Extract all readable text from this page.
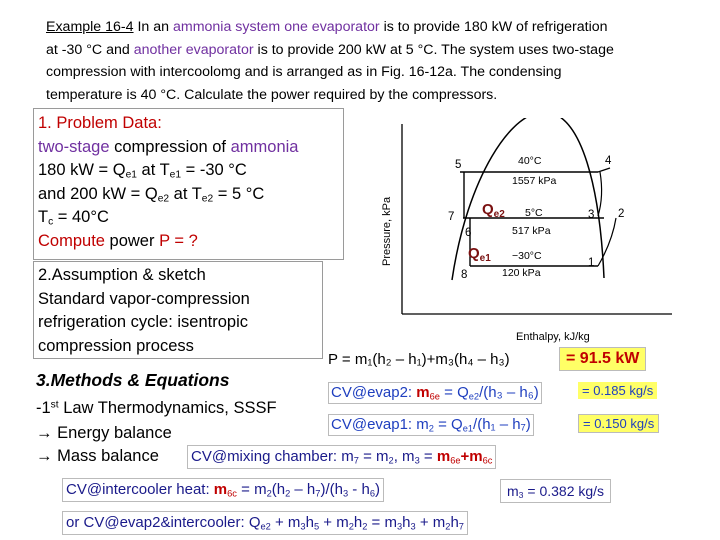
Example 16-4 In an ammonia system one evaporator is to provide 180 kW of refrigeration
at -30 °C and another evaporator is to provide 200 kW at 5 °C. The system uses two-stage
compression with intercoolomg and is arranged as in Fig. 16-12a. The condensing
temperature is 40 °C. Calculate the power required by the compressors.
1. Problem Data:
two-stage compression of ammonia
180 kW = $Q_{e1}$ at $T_{e1} = -30$ °C
and 200 kW = $Q_{e2}$ at $T_{e2} = 5$ °C
$T_c = 40^\circ C$
Compute power P = ?
2.Assumption & sketch
Standard vapor-compression
refrigeration cycle: isentropic
compression process
3.Methods & Equations
-1st Law Thermodynamics, SSSF
→ Energy balance
→ Mass balance
Pressure, kPa
Enthalpy, kJ/kg
40°C
1557 kPa
5°C
517 kPa
−30°C
120 kPa
4
5
3 2
7
6
1
8
$Q_{e2}$
$Q_{e1}$
P = m₁(h₂ – h₁)+m₃(h₄ – h₃)	= 91.5 kW
CV@evap2: $m_{6e} = Q_{e2}/(h_3 - h_6)$	= 0.185 kg/s
CV@evap1: $m_2 = Q_{e1}/(h_1 - h_7)$	= 0.150 kg/s
CV@mixing chamber: $m_7 = m_2$, $m_3 = m_{6e}+m_{6c}$
CV@intercooler heat: $m_{6c} = m_2(h_2 - h_7)/(h_3 - h_6)$	$m_3 = 0.382$ kg/s
or CV@evap2&intercooler: $Q_{e2} + m_3h_5 + m_2h_2 = m_3h_3 + m_2h_7$
